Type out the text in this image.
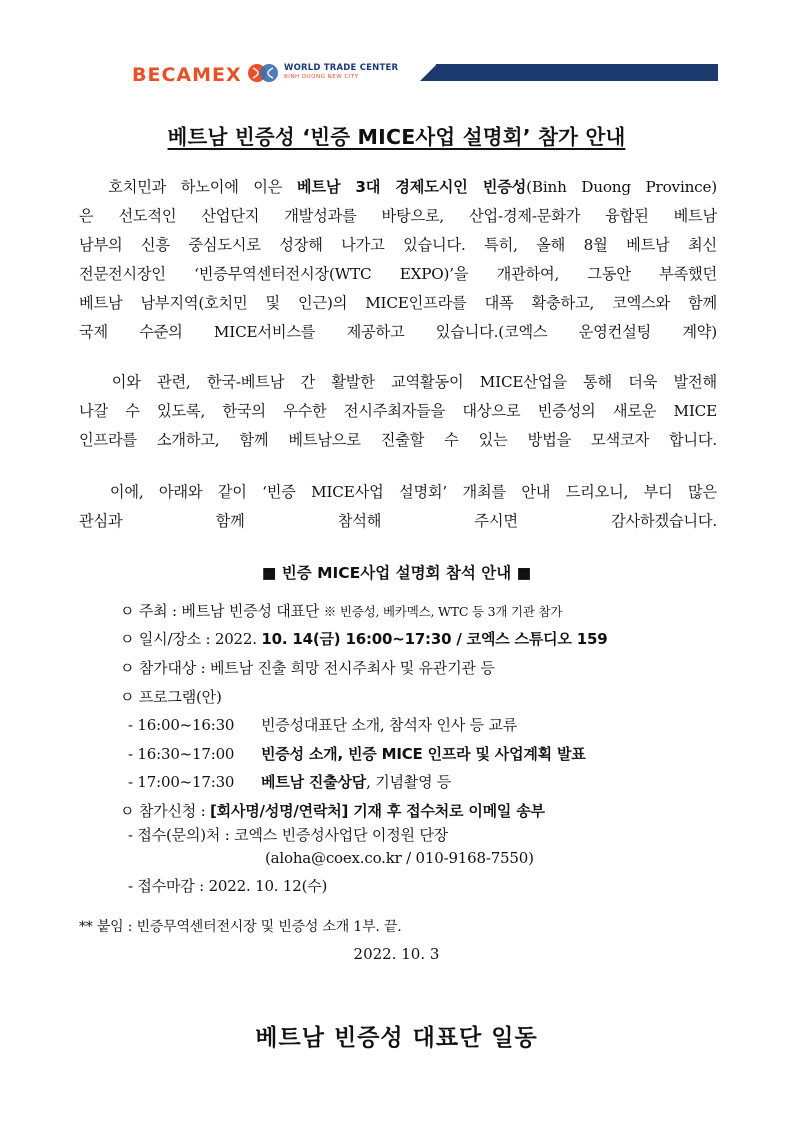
BECAMEX	WORLD TRADE CENTER
BINH DUONG NEW CITY
베트남 빈증성 ‘빈증 MICE사업 설명회’ 참가 안내
호치민과 하노이에 이은 베트남 3대 경제도시인 빈증성(Binh Duong Province)
은 선도적인 산업단지 개발성과를 바탕으로, 산업-경제-문화가 융합된 베트남
남부의 신흥 중심도시로 성장해 나가고 있습니다. 특히, 올해 8월 베트남 최신
전문전시장인 ‘빈증무역센터전시장(WTC EXPO)’을 개관하여, 그동안 부족했던
베트남 남부지역(호치민 및 인근)의 MICE인프라를 대폭 확충하고, 코엑스와 함께
국제 수준의 MICE서비스를 제공하고 있습니다.(코엑스 운영컨설팅 계약)
이와 관련, 한국-베트남 간 활발한 교역활동이 MICE산업을 통해 더욱 발전해
나갈 수 있도록, 한국의 우수한 전시주최자들을 대상으로 빈증성의 새로운 MICE
인프라를 소개하고, 함께 베트남으로 진출할 수 있는 방법을 모색코자 합니다.
이에, 아래와 같이 ‘빈증 MICE사업 설명회’ 개최를 안내 드리오니, 부디 많은
관심과 함께 참석해 주시면 감사하겠습니다.
■ 빈증 MICE사업 설명회 참석 안내 ■
ㅇ 주최 : 베트남 빈증성 대표단 ※ 빈증성, 베카멕스, WTC 등 3개 기관 참가
ㅇ 일시/장소 : 2022. 10. 14(금) 16:00~17:30 / 코엑스 스튜디오 159
ㅇ 참가대상 : 베트남 진출 희망 전시주최사 및 유관기관 등
ㅇ 프로그램(안)
- 16:00~16:30 빈증성대표단 소개, 참석자 인사 등 교류
- 16:30~17:00 빈증성 소개, 빈증 MICE 인프라 및 사업계획 발표
- 17:00~17:30 베트남 진출상담, 기념촬영 등
ㅇ 참가신청 : [회사명/성명/연락처] 기재 후 접수처로 이메일 송부
- 접수(문의)처 : 코엑스 빈증성사업단 이정원 단장
(aloha@coex.co.kr / 010-9168-7550)
- 접수마감 : 2022. 10. 12(수)
** 붙임 : 빈증무역센터전시장 및 빈증성 소개 1부. 끝.
2022. 10. 3
베트남 빈증성 대표단 일동
